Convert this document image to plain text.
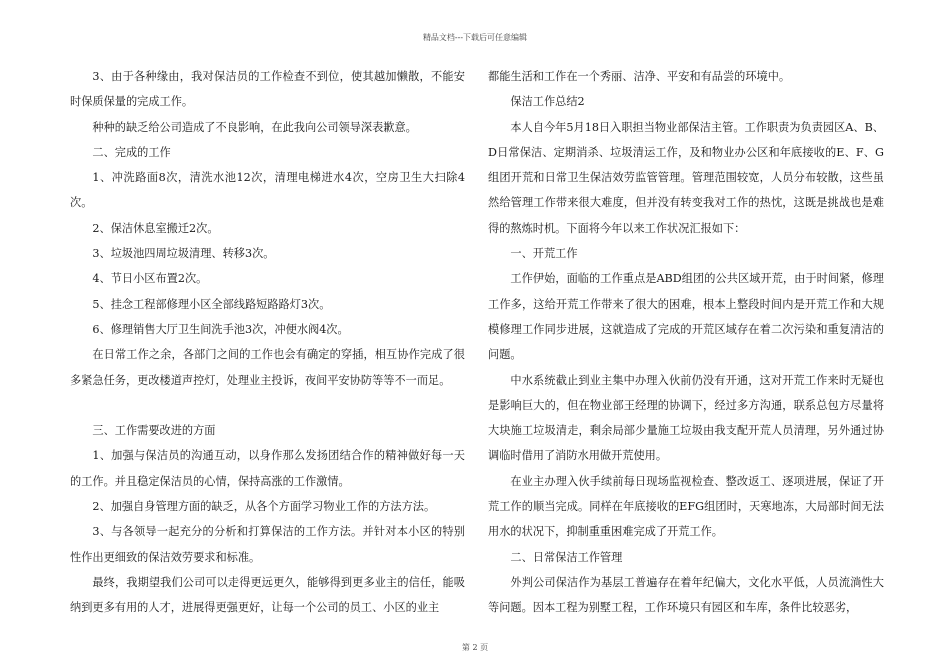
精品文档---下载后可任意编辑

3、由于各种缘由，我对保洁员的工作检查不到位，使其越加懒散，不能安时保质保量的完成工作。

种种的缺乏给公司造成了不良影响，在此我向公司领导深表歉意。

二、完成的工作

1、冲洗路面8次，清洗水池12次，清理电梯进水4次，空房卫生大扫除4次。

2、保洁休息室搬迁2次。

3、垃圾池四周垃圾清理、转移3次。

4、节日小区布置2次。

5、挂念工程部修理小区全部线路短路路灯3次。

6、修理销售大厅卫生间洗手池3次，冲便水阀4次。

在日常工作之余，各部门之间的工作也会有确定的穿插，相互协作完成了很多紧急任务，更改楼道声控灯，处理业主投诉，夜间平安协防等等不一而足。

三、工作需要改进的方面

1、加强与保洁员的沟通互动，以身作那么发扬团结合作的精神做好每一天的工作。并且稳定保洁员的心情，保持高涨的工作激情。

2、加强自身管理方面的缺乏，从各个方面学习物业工作的方法方法。

3、与各领导一起充分的分析和打算保洁的工作方法。并针对本小区的特别性作出更细致的保洁效劳要求和标准。

最终，我期望我们公司可以走得更远更久，能够得到更多业主的信任，能吸纳到更多有用的人才，进展得更强更好，让每一个公司的员工、小区的业主

都能生活和工作在一个秀丽、洁净、平安和有品尝的环境中。

保洁工作总结2

本人自今年5月18日入职担当物业部保洁主管。工作职责为负责园区A、B、D日常保洁、定期消杀、垃圾清运工作，及和物业办公区和年底接收的E、F、G组团开荒和日常卫生保洁效劳监管管理。管理范围较宽，人员分布较散，这些虽然给管理工作带来很大难度，但并没有转变我对工作的热忱，这既是挑战也是难得的熬炼时机。下面将今年以来工作状况汇报如下：

一、开荒工作

工作伊始，面临的工作重点是ABD组团的公共区域开荒，由于时间紧，修理工作多，这给开荒工作带来了很大的困难，根本上整段时间内是开荒工作和大规模修理工作同步进展，这就造成了完成的开荒区域存在着二次污染和重复清洁的问题。

中水系统截止到业主集中办理入伙前仍没有开通，这对开荒工作来时无疑也是影响巨大的，但在物业部王经理的协调下，经过多方沟通，联系总包方尽量将大块施工垃圾清走，剩余局部少量施工垃圾由我支配开荒人员清理，另外通过协调临时借用了消防水用做开荒使用。

在业主办理入伙手续前每日现场监视检查、整改返工、逐项进展，保证了开荒工作的顺当完成。同样在年底接收的EFG组团时，天寒地冻，大局部时间无法用水的状况下，抑制重重困难完成了开荒工作。

二、日常保洁工作管理

外判公司保洁作为基层工普遍存在着年纪偏大，文化水平低，人员流淌性大等问题。因本工程为别墅工程，工作环境只有园区和车库，条件比较恶劣，

第 2 页
